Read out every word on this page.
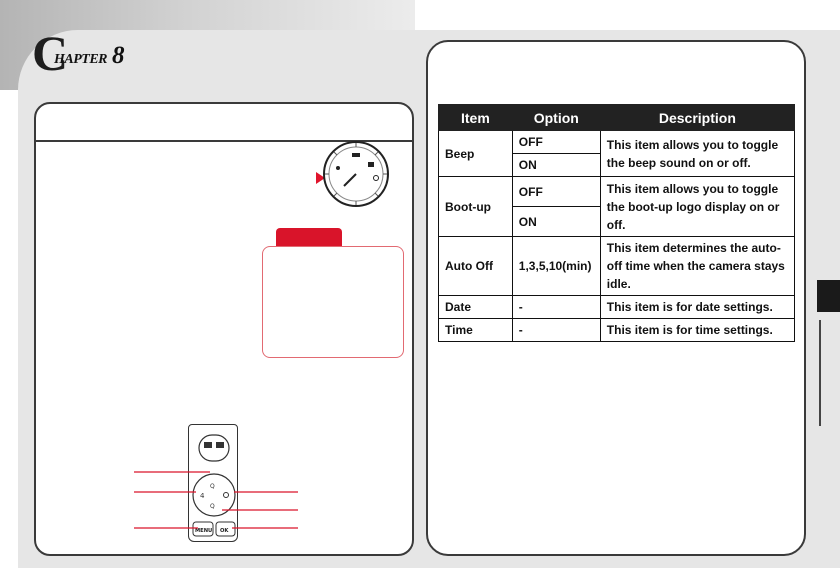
C
HAPTER 8
Q
Q
4
MENU OK
Item	Option	Description
Beep	OFF	This item allows you to toggle the beep sound on or off.
	ON	
Boot-up	OFF	This item allows you to toggle the boot-up logo display on or off.
	ON	
Auto Off	1,3,5,10(min)	This item determines the auto-off time when the camera stays idle.
Date	-	This item is for date settings.
Time	-	This item is for time settings.
